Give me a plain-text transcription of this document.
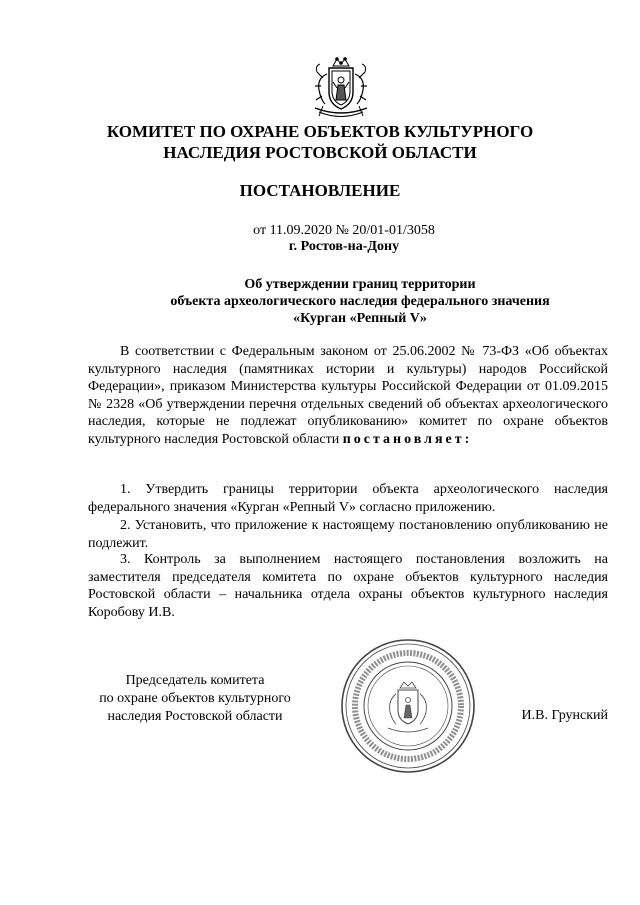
КОМИТЕТ ПО ОХРАНЕ ОБЪЕКТОВ КУЛЬТУРНОГО
НАСЛЕДИЯ РОСТОВСКОЙ ОБЛАСТИ
ПОСТАНОВЛЕНИЕ
от 11.09.2020 № 20/01-01/3058
г. Ростов-на-Дону
Об утверждении границ территории
объекта археологического наследия федерального значения
«Курган «Репный V»

В соответствии с Федеральным законом от 25.06.2002 № 73-ФЗ «Об объектах культурного наследия (памятниках истории и культуры) народов Российской Федерации», приказом Министерства культуры Российской Федерации от 01.09.2015 № 2328 «Об утверждении перечня отдельных сведений об объектах археологического наследия, которые не подлежат опубликованию» комитет по охране объектов культурного наследия Ростовской области постановляет:

1. Утвердить границы территории объекта археологического наследия федерального значения «Курган «Репный V» согласно приложению.

2. Установить, что приложение к настоящему постановлению опубликованию не подлежит.

3. Контроль за выполнением настоящего постановления возложить на заместителя председателя комитета по охране объектов культурного наследия Ростовской области – начальника отдела охраны объектов культурного наследия Коробову И.В.

Председатель комитета
по охране объектов культурного
наследия Ростовской области	И.В. Грунский
